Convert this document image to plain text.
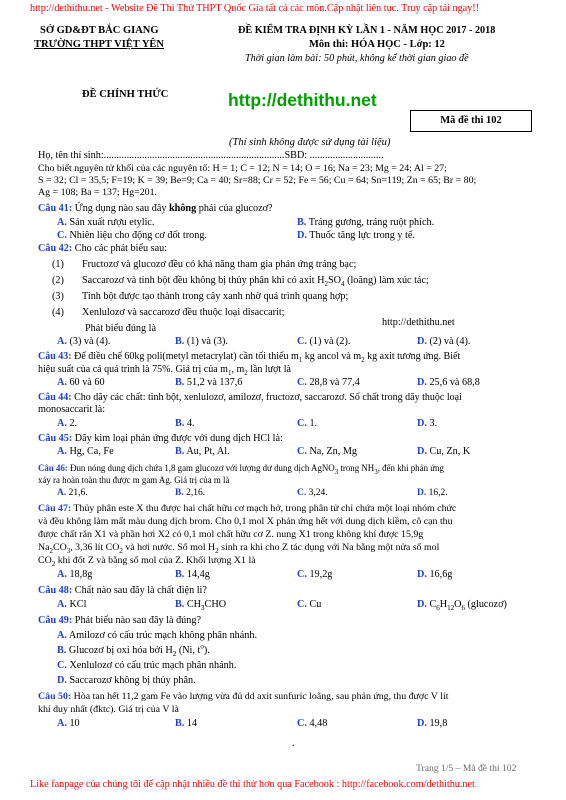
http://dethithu.net - Website Đề Thi Thử THPT Quốc Gia tất cả các môn.Cập nhật liên tục. Truy cập tải ngay!!
SỞ GD&ĐT BẮC GIANG
TRƯỜNG THPT VIỆT YÊN
ĐỀ KIỂM TRA ĐỊNH KỲ LẦN 1 - NĂM HỌC 2017 - 2018
Môn thi: HÓA HỌC - Lớp: 12
Thời gian làm bài: 50 phút, không kể thời gian giao đề
ĐỀ CHÍNH THỨC	http://dethithu.net
Mã đề thi 102
(Thí sinh không được sử dụng tài liệu)
Họ, tên thí sinh:.......................................................................SBD: .............................
Cho biết nguyên tử khối của các nguyên tố: H = 1; C = 12; N = 14; O = 16; Na = 23; Mg = 24; Al = 27;
S = 32; Cl = 35,5; F=19; K = 39; Be=9; Ca = 40; Sr=88; Cr = 52; Fe = 56; Cu = 64; Sn=119; Zn = 65; Br = 80;
Ag = 108; Ba = 137; Hg=201.
Câu 41: Ứng dụng nào sau đây không phải của glucozơ?
A. Sản xuất rượu etylic.	B. Tráng gương, tráng ruột phích.
C. Nhiên liệu cho động cơ đốt trong.	D. Thuốc tăng lực trong y tế.
Câu 42: Cho các phát biểu sau:
(1) Fructozơ và glucozơ đều có khả năng tham gia phản ứng tráng bạc;
(2) Saccarozơ và tinh bột đều không bị thủy phân khi có axit $H_2SO_4$ (loãng) làm xúc tác;
(3) Tinh bột được tạo thành trong cây xanh nhờ quá trình quang hợp;
(4) Xenlulozơ và saccarozơ đều thuộc loại disaccarit;
http://dethithu.net
Phát biểu đúng là
A. (3) và (4).	B. (1) và (3).	C. (1) và (2).	D. (2) và (4).
Câu 43: Để điều chế 60kg poli(metyl metacrylat) cần tối thiểu $m_1$ kg ancol và $m_2$ kg axit tương ứng. Biết
hiệu suất của cả quá trình là 75%. Giá trị của $m_1$, $m_2$ lần lượt là
A. 60 và 60	B. 51,2 và 137,6	C. 28,8 và 77,4	D. 25,6 và 68,8
Câu 44: Cho dãy các chất: tinh bột, xenlulozơ, amilozơ, fructozơ, saccarozơ. Số chất trong dãy thuộc loại
monosaccarit là:
A. 2.	B. 4.	C. 1.	D. 3.
Câu 45: Dãy kim loại phản ứng được với dung dịch HCl là:
A. Hg, Ca, Fe	B. Au, Pt, Al.	C. Na, Zn, Mg	D. Cu, Zn, K
Câu 46: Đun nóng dung dịch chứa 1,8 gam glucozơ với lượng dư dung dịch AgNO$_3$ trong $NH_3$, đến khi phản ứng
xảy ra hoàn toàn thu được m gam Ag. Giá trị của m là
A. 21,6.	B. 2,16.	C. 3,24.	D. 16,2.
Câu 47: Thủy phân este X thu được hai chất hữu cơ mạch hở, trong phân tử chỉ chứa một loại nhóm chức
và đều không làm mất màu dung dịch brom. Cho 0,1 mol X phản ứng hết với dung dịch kiềm, cô cạn thu
được chất rắn X1 và phần hơi X2 có 0,1 mol chất hữu cơ Z. nung X1 trong không khí được 15,9g
$Na_2CO_3$, 3,36 lít $CO_2$ và hơi nước. Số mol $H_2$ sinh ra khi cho Z tác dụng với Na bằng một nửa số mol
$CO_2$ khi đốt Z và bằng số mol của Z. Khối lượng X1 là
A. 18,8g	B. 14,4g	C. 19,2g	D. 16,6g
Câu 48: Chất nào sau đây là chất điện li?
A. KCl	B. $CH_3CHO$	C. Cu	D. $C_6H_{12}O_6$ (glucozơ)
Câu 49: Phát biểu nào sau đây là đúng?
A. Amilozơ có cấu trúc mạch không phân nhánh.
B. Glucozơ bị oxi hóa bởi $H_2$ (Ni, $t^o$).
C. Xenlulozơ có cấu trúc mạch phân nhánh.
D. Saccarozơ không bị thủy phân.
Câu 50: Hòa tan hết 11,2 gam Fe vào lượng vừa đủ dd axit sunfuric loãng, sau phản ứng, thu được V lít
khí duy nhất (đktc). Giá trị của V là
A. 10	B. 14	C. 4,48	D. 19,8
.
Trang 1/5 – Mã đề thi 102
Like fanpage của chúng tôi để cập nhật nhiều đề thi thử hơn qua Facebook : http://facebook.com/dethithu.net
